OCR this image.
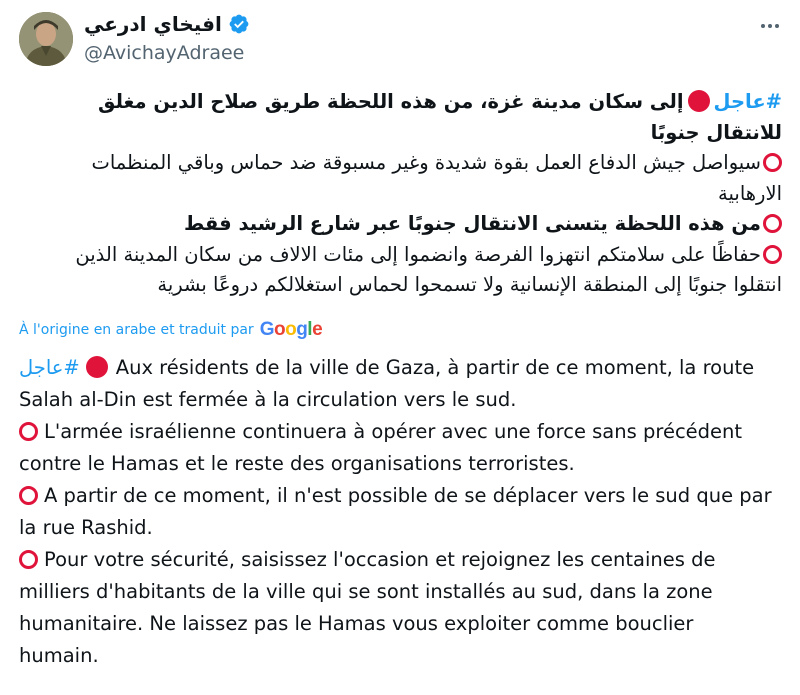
افيخاي ادرعي
@AvichayAdraee
#عاجلإلى سكان مدينة غزة، من هذه اللحظة طريق صلاح الدين مغلق للانتقال جنوبًا
سيواصل جيش الدفاع العمل بقوة شديدة وغير مسبوقة ضد حماس وباقي المنظمات الارهابية
من هذه اللحظة يتسنى الانتقال جنوبًا عبر شارع الرشيد فقط
حفاظًا على سلامتكم انتهزوا الفرصة وانضموا إلى مئات الالاف من سكان المدينة الذين انتقلوا جنوبًا إلى المنطقة الإنسانية ولا تسمحوا لحماس استغلالكم دروعًا بشرية
À l'origine en arabe et traduit par Google

#عاجل Aux résidents de la ville de Gaza, à partir de ce moment, la route Salah al-Din est fermée à la circulation vers le sud.

L'armée israélienne continuera à opérer avec une force sans précédent contre le Hamas et le reste des organisations terroristes.

A partir de ce moment, il n'est possible de se déplacer vers le sud que par la rue Rashid.

Pour votre sécurité, saisissez l'occasion et rejoignez les centaines de milliers d'habitants de la ville qui se sont installés au sud, dans la zone humanitaire. Ne laissez pas le Hamas vous exploiter comme bouclier humain.
